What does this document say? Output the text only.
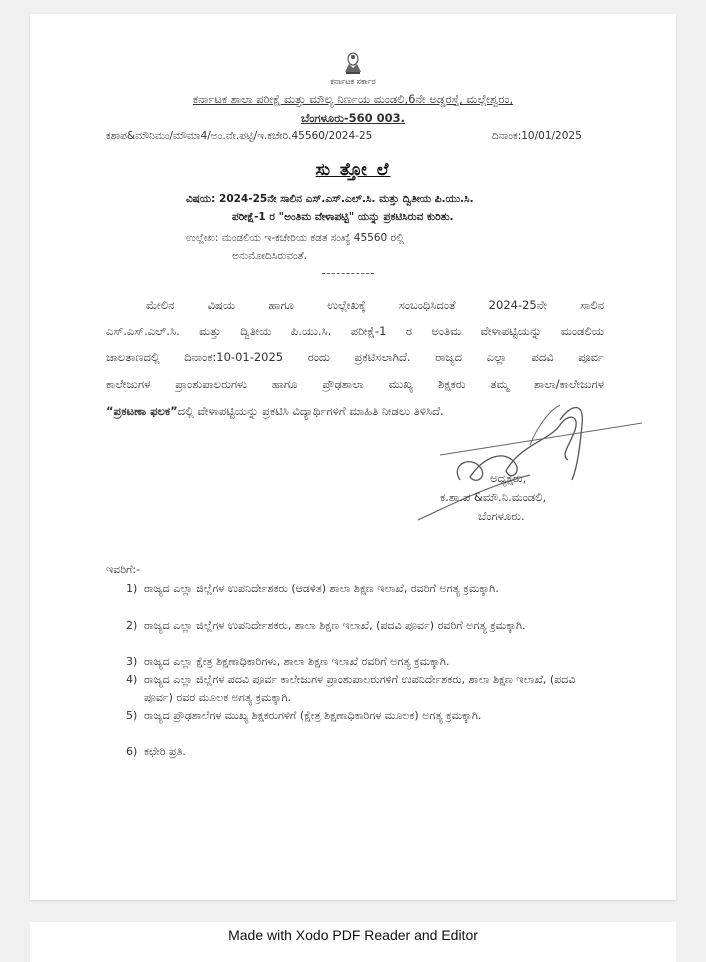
ಕರ್ನಾಟಕ ಸರ್ಕಾರ
ಕರ್ನಾಟಕ ಶಾಲಾ ಪರೀಕ್ಷೆ ಮತ್ತು ಮೌಲ್ಯ ನಿರ್ಣಯ ಮಂಡಲಿ,6ನೇ ಅಡ್ಡರಸ್ತೆ, ಮಲ್ಲೇಶ್ವರಂ,
ಬೆಂಗಳೂರು-560 003.
ಕಶಾಪ&ಮೌನಿಮಂ/ಮೌಮಾ4/ಅಂ.ವೇ.ಪಟ್ಟಿ/ಇ.ಕಚೇರಿ.45560/2024-25	ದಿನಾಂಕ:10/01/2025
ಸು ತ್ತೋ ಲೆ
ವಿಷಯ: 2024-25ನೇ ಸಾಲಿನ ಎಸ್.ಎಸ್.ಎಲ್.ಸಿ. ಮತ್ತು ದ್ವಿತೀಯ ಪಿ.ಯು.ಸಿ.
ಪರೀಕ್ಷೆ-1 ರ "ಅಂತಿಮ ವೇಳಾಪಟ್ಟಿ" ಯನ್ನು ಪ್ರಕಟಿಸಿರುವ ಕುರಿತು.
ಉಲ್ಲೇಖ: ಮಂಡಲಿಯ ಇ-ಕಚೇರಿಯ ಕಡತ ಸಂಖ್ಯೆ 45560 ರಲ್ಲಿ
ಅನುಮೋದಿಸಿರುವಂತೆ.
ಮೇಲಿನ ವಿಷಯ ಹಾಗೂ ಉಲ್ಲೇಖಕ್ಕೆ ಸಂಬಂಧಿಸಿದಂತೆ 2024-25ನೇ ಸಾಲಿನ
ಎಸ್.ಎಸ್.ಎಲ್.ಸಿ. ಮತ್ತು ದ್ವಿತೀಯ ಪಿ.ಯು.ಸಿ. ಪರೀಕ್ಷೆ-1 ರ ಅಂತಿಮ ವೇಳಾಪಟ್ಟಿಯನ್ನು ಮಂಡಲಿಯ
ಜಾಲತಾಣದಲ್ಲಿ ದಿನಾಂಕ:10-01-2025 ರಂದು ಪ್ರಕಟಿಸಲಾಗಿದೆ. ರಾಜ್ಯದ ಎಲ್ಲಾ ಪದವಿ ಪೂರ್ವ
ಕಾಲೇಜುಗಳ ಪ್ರಾಂಶುಪಾಲರುಗಳು ಹಾಗೂ ಪ್ರೌಢಶಾಲಾ ಮುಖ್ಯ ಶಿಕ್ಷಕರು ತಮ್ಮ ಶಾಲಾ/ಕಾಲೇಜುಗಳ
“ಪ್ರಕಟಣಾ ಫಲಕ”ದಲ್ಲಿ ವೇಳಾಪಟ್ಟಿಯನ್ನು ಪ್ರಕಟಿಸಿ ವಿದ್ಯಾರ್ಥಿಗಳಿಗೆ ಮಾಹಿತಿ ನೀಡಲು ತಿಳಿಸಿದೆ.
ಅಧ್ಯಕ್ಷರು,
ಕ.ಶಾ.ಪ &ಮೌ.ನಿ.ಮಂಡಲಿ,
ಬೆಂಗಳೂರು.
ಇವರಿಗೆ:-
1) ರಾಜ್ಯದ ಎಲ್ಲಾ ಜಿಲ್ಲೆಗಳ ಉಪನಿರ್ದೇಶಕರು (ಆಡಳಿತ) ಶಾಲಾ ಶಿಕ್ಷಣ ಇಲಾಖೆ, ರವರಿಗೆ ಅಗತ್ಯ ಕ್ರಮಕ್ಕಾಗಿ.
2) ರಾಜ್ಯದ ಎಲ್ಲಾ ಜಿಲ್ಲೆಗಳ ಉಪನಿರ್ದೇಶಕರು, ಶಾಲಾ ಶಿಕ್ಷಣ ಇಲಾಖೆ, (ಪದವಿ ಪೂರ್ವ) ರವರಿಗೆ ಅಗತ್ಯ ಕ್ರಮಕ್ಕಾಗಿ.
3) ರಾಜ್ಯದ ಎಲ್ಲಾ ಕ್ಷೇತ್ರ ಶಿಕ್ಷಣಾಧಿಕಾರಿಗಳು, ಶಾಲಾ ಶಿಕ್ಷಣ ಇಲಾಖೆ ರವರಿಗೆ ಅಗತ್ಯ ಕ್ರಮಕ್ಕಾಗಿ.
4) ರಾಜ್ಯದ ಎಲ್ಲಾ ಜಿಲ್ಲೆಗಳ ಪದವಿ ಪೂರ್ವ ಕಾಲೇಜುಗಳ ಪ್ರಾಂಶುಪಾಲರುಗಳಿಗೆ ಉಪನಿರ್ದೇಶಕರು, ಶಾಲಾ ಶಿಕ್ಷಣ ಇಲಾಖೆ, (ಪದವಿ ಪೂರ್ವ) ರವರ ಮೂಲಕ ಅಗತ್ಯ ಕ್ರಮಕ್ಕಾಗಿ.
5) ರಾಜ್ಯದ ಪ್ರೌಢಶಾಲೆಗಳ ಮುಖ್ಯ ಶಿಕ್ಷಕರುಗಳಿಗೆ (ಕ್ಷೇತ್ರ ಶಿಕ್ಷಣಾಧಿಕಾರಿಗಳ ಮೂಲಕ) ಅಗತ್ಯ ಕ್ರಮಕ್ಕಾಗಿ.
6) ಕಛೇರಿ ಪ್ರತಿ.
Made with Xodo PDF Reader and Editor
